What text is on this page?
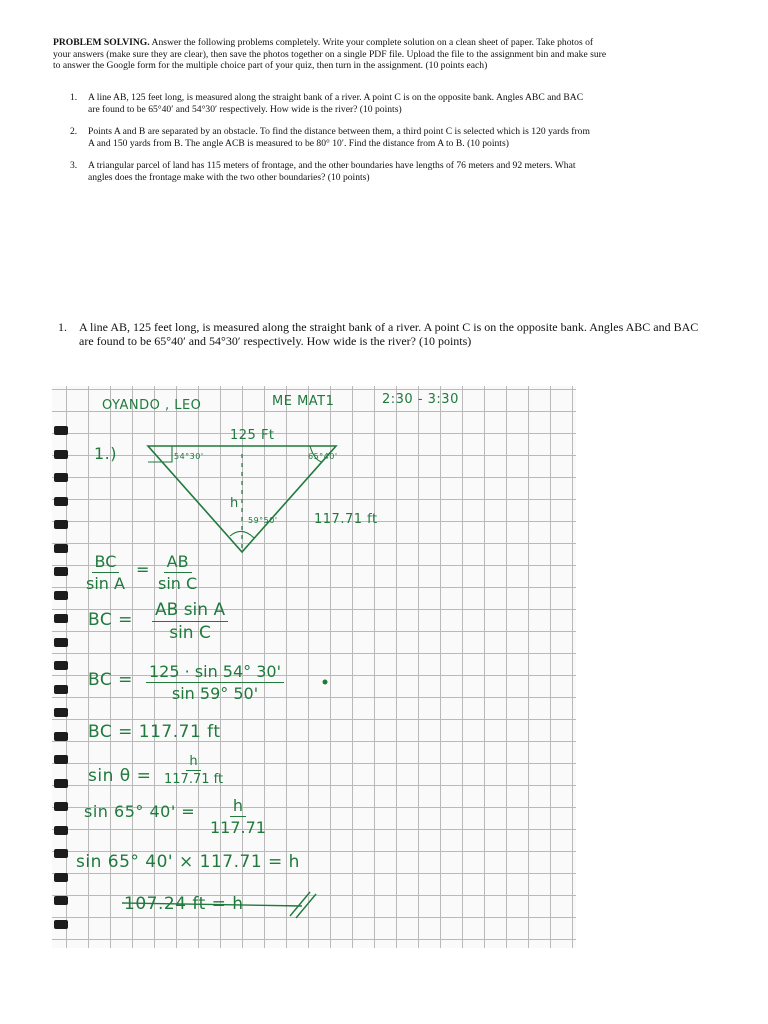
PROBLEM SOLVING. Answer the following problems completely. Write your complete solution on a clean sheet of paper. Take photos of your answers (make sure they are clear), then save the photos together on a single PDF file. Upload the file to the assignment bin and make sure to answer the Google form for the multiple choice part of your quiz, then turn in the assignment. (10 points each)

1. A line AB, 125 feet long, is measured along the straight bank of a river. A point C is on the opposite bank. Angles ABC and BAC are found to be 65°40′ and 54°30′ respectively. How wide is the river? (10 points)
2. Points A and B are separated by an obstacle. To find the distance between them, a third point C is selected which is 120 yards from A and 150 yards from B. The angle ACB is measured to be 80° 10′. Find the distance from A to B. (10 points)
3. A triangular parcel of land has 115 meters of frontage, and the other boundaries have lengths of 76 meters and 92 meters. What angles does the frontage make with the two other boundaries? (10 points)
1. A line AB, 125 feet long, is measured along the straight bank of a river. A point C is on the opposite bank. Angles ABC and BAC are found to be 65°40′ and 54°30′ respectively. How wide is the river? (10 points)
OYANDO , LEO	ME MAT1	2:30 - 3:30
1.)
125 Ft
54°30'	65°40'
59°50'
h
117.71 ft
$\frac{BC}{\text{sin A}} = \frac{AB}{\text{sin C}}$
BC = $\frac{\text{AB sin A}}{\text{sin C}}$
BC = $\frac{125 \cdot \sin 54^\circ 30'}{\sin 59^\circ 50'}$
BC = 117.71 ft
$\sin \theta = \frac{h}{117.71 ft}$
sin 65° $40' = \frac{h}{117.71}$
sin 65° 40' × 117.71 = h
107.24 ft = h
